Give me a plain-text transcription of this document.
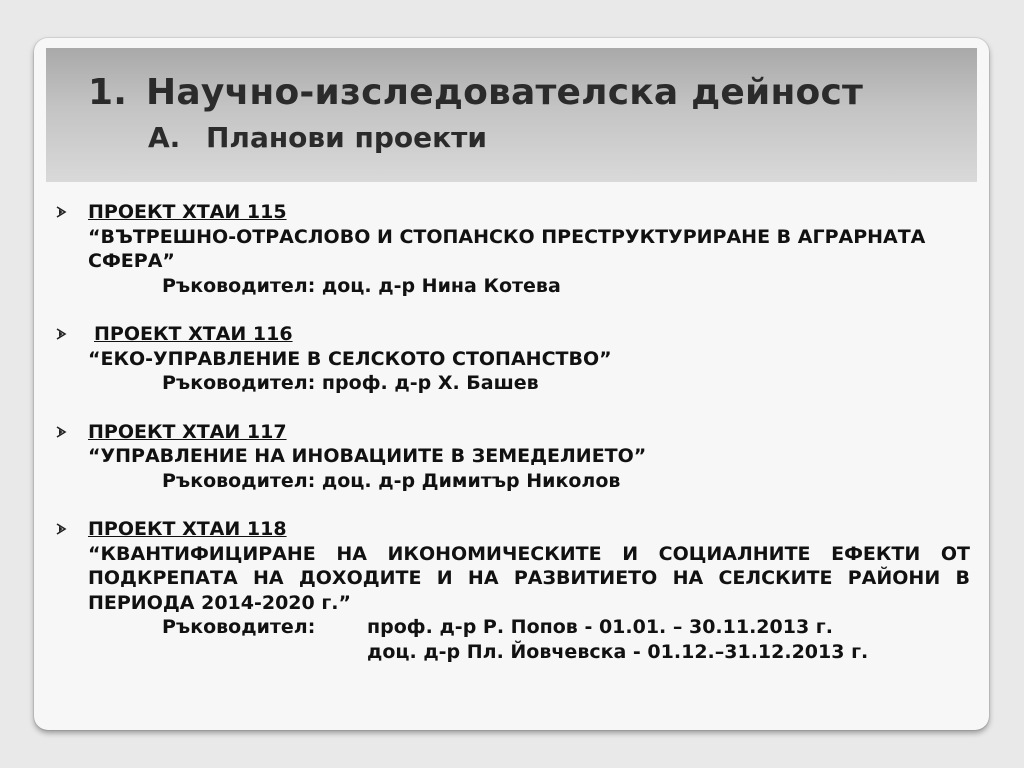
1. Научно-изследователска дейност
А. Планови проекти
ПРОЕКТ ХТАИ 115
“ВЪТРЕШНО-ОТРАСЛОВО И СТОПАНСКО ПРЕСТРУКТУРИРАНЕ В АГРАРНАТА СФЕРА”
Ръководител: доц. д-р Нина Котева
ПРОЕКТ ХТАИ 116
“ЕКО-УПРАВЛЕНИЕ В СЕЛСКОТО СТОПАНСТВО”
Ръководител: проф. д-р Х. Башев
ПРОЕКТ ХТАИ 117
“УПРАВЛЕНИЕ НА ИНОВАЦИИТЕ В ЗЕМЕДЕЛИЕТО”
Ръководител: доц. д-р Димитър Николов
ПРОЕКТ ХТАИ 118
“КВАНТИФИЦИРАНЕ НА ИКОНОМИЧЕСКИТЕ И СОЦИАЛНИТЕ ЕФЕКТИ ОТ ПОДКРЕПАТА НА ДОХОДИТЕ И НА РАЗВИТИЕТО НА СЕЛСКИТЕ РАЙОНИ В ПЕРИОДА 2014-2020 г.”
Ръководител:	проф. д-р Р. Попов - 01.01. – 30.11.2013 г.
доц. д-р Пл. Йовчевска - 01.12.–31.12.2013 г.
